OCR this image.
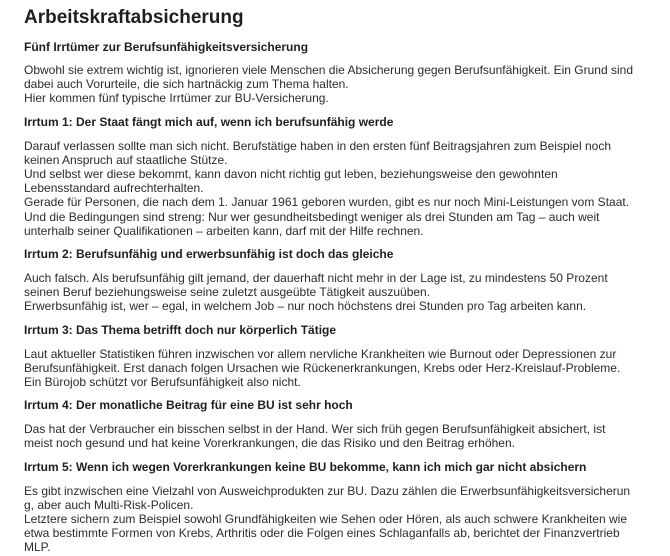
Arbeitskraftabsicherung
Fünf Irrtümer zur Berufsunfähigkeitsversicherung

Obwohl sie extrem wichtig ist, ignorieren viele Menschen die Absicherung gegen Berufsunfähigkeit. Ein Grund sind
dabei auch Vorurteile, die sich hartnäckig zum Thema halten.
Hier kommen fünf typische Irrtümer zur BU-Versicherung.

Irrtum 1: Der Staat fängt mich auf, wenn ich berufsunfähig werde

Darauf verlassen sollte man sich nicht. Berufstätige haben in den ersten fünf Beitragsjahren zum Beispiel noch
keinen Anspruch auf staatliche Stütze.
Und selbst wer diese bekommt, kann davon nicht richtig gut leben, beziehungsweise den gewohnten
Lebensstandard aufrechterhalten.
Gerade für Personen, die nach dem 1. Januar 1961 geboren wurden, gibt es nur noch Mini-Leistungen vom Staat.
Und die Bedingungen sind streng: Nur wer gesundheitsbedingt weniger als drei Stunden am Tag – auch weit
unterhalb seiner Qualifikationen – arbeiten kann, darf mit der Hilfe rechnen.

Irrtum 2: Berufsunfähig und erwerbsunfähig ist doch das gleiche

Auch falsch. Als berufsunfähig gilt jemand, der dauerhaft nicht mehr in der Lage ist, zu mindestens 50 Prozent
seinen Beruf beziehungsweise seine zuletzt ausgeübte Tätigkeit auszuüben.
Erwerbsunfähig ist, wer – egal, in welchem Job – nur noch höchstens drei Stunden pro Tag arbeiten kann.

Irrtum 3: Das Thema betrifft doch nur körperlich Tätige

Laut aktueller Statistiken führen inzwischen vor allem nervliche Krankheiten wie Burnout oder Depressionen zur
Berufsunfähigkeit. Erst danach folgen Ursachen wie Rückenerkrankungen, Krebs oder Herz-Kreislauf-Probleme.
Ein Bürojob schützt vor Berufsunfähigkeit also nicht.

Irrtum 4: Der monatliche Beitrag für eine BU ist sehr hoch

Das hat der Verbraucher ein bisschen selbst in der Hand. Wer sich früh gegen Berufsunfähigkeit absichert, ist
meist noch gesund und hat keine Vorerkrankungen, die das Risiko und den Beitrag erhöhen.

Irrtum 5: Wenn ich wegen Vorerkrankungen keine BU bekomme, kann ich mich gar nicht absichern

Es gibt inzwischen eine Vielzahl von Ausweichprodukten zur BU. Dazu zählen die Erwerbsunfähigkeitsversicherun
g, aber auch Multi-Risk-Policen.
Letztere sichern zum Beispiel sowohl Grundfähigkeiten wie Sehen oder Hören, als auch schwere Krankheiten wie
etwa bestimmte Formen von Krebs, Arthritis oder die Folgen eines Schlaganfalls ab, berichtet der Finanzvertrieb
MLP.
